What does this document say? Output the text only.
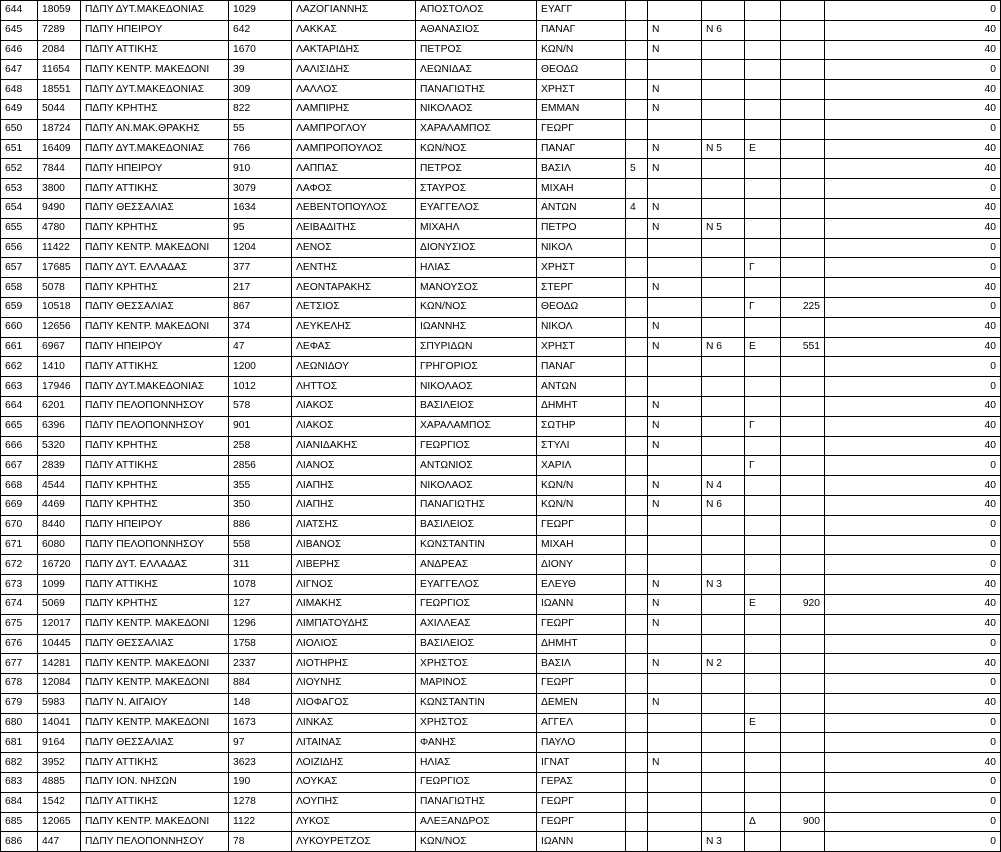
644	18059	ΠΔΠΥ ΔΥΤ.ΜΑΚΕΔΟΝΙΑΣ	1029	ΛΑΖΟΓΙΑΝΝΗΣ	ΑΠΟΣΤΟΛΟΣ	ΕΥΑΓΓ						0
645	7289	ΠΔΠΥ ΗΠΕΙΡΟΥ	642	ΛΑΚΚΑΣ	ΑΘΑΝΑΣΙΟΣ	ΠΑΝΑΓ		Ν	Ν 6			40
646	2084	ΠΔΠΥ ΑΤΤΙΚΗΣ	1670	ΛΑΚΤΑΡΙΔΗΣ	ΠΕΤΡΟΣ	ΚΩΝ/Ν		Ν				40
647	11654	ΠΔΠΥ ΚΕΝΤΡ. ΜΑΚΕΔΟΝΙ	39	ΛΑΛΙΣΙΔΗΣ	ΛΕΩΝΙΔΑΣ	ΘΕΟΔΩ						0
648	18551	ΠΔΠΥ ΔΥΤ.ΜΑΚΕΔΟΝΙΑΣ	309	ΛΑΛΛΟΣ	ΠΑΝΑΓΙΩΤΗΣ	ΧΡΗΣΤ		Ν				40
649	5044	ΠΔΠΥ ΚΡΗΤΗΣ	822	ΛΑΜΠΙΡΗΣ	ΝΙΚΟΛΑΟΣ	ΕΜΜΑΝ		Ν				40
650	18724	ΠΔΠΥ ΑΝ.ΜΑΚ.ΘΡΑΚΗΣ	55	ΛΑΜΠΡΟΓΛΟΥ	ΧΑΡΑΛΑΜΠΟΣ	ΓΕΩΡΓ						0
651	16409	ΠΔΠΥ ΔΥΤ.ΜΑΚΕΔΟΝΙΑΣ	766	ΛΑΜΠΡΟΠΟΥΛΟΣ	ΚΩΝ/ΝΟΣ	ΠΑΝΑΓ		Ν	Ν 5	Ε		40
652	7844	ΠΔΠΥ ΗΠΕΙΡΟΥ	910	ΛΑΠΠΑΣ	ΠΕΤΡΟΣ	ΒΑΣΙΛ	5	Ν				40
653	3800	ΠΔΠΥ ΑΤΤΙΚΗΣ	3079	ΛΑΦΟΣ	ΣΤΑΥΡΟΣ	ΜΙΧΑΗ						0
654	9490	ΠΔΠΥ ΘΕΣΣΑΛΙΑΣ	1634	ΛΕΒΕΝΤΟΠΟΥΛΟΣ	ΕΥΑΓΓΕΛΟΣ	ΑΝΤΩΝ	4	Ν				40
655	4780	ΠΔΠΥ ΚΡΗΤΗΣ	95	ΛΕΙΒΑΔΙΤΗΣ	ΜΙΧΑΗΛ	ΠΕΤΡΟ		Ν	Ν 5			40
656	11422	ΠΔΠΥ ΚΕΝΤΡ. ΜΑΚΕΔΟΝΙ	1204	ΛΕΝΟΣ	ΔΙΟΝΥΣΙΟΣ	ΝΙΚΟΛ						0
657	17685	ΠΔΠΥ ΔΥΤ. ΕΛΛΑΔΑΣ	377	ΛΕΝΤΗΣ	ΗΛΙΑΣ	ΧΡΗΣΤ				Γ		0
658	5078	ΠΔΠΥ ΚΡΗΤΗΣ	217	ΛΕΟΝΤΑΡΑΚΗΣ	ΜΑΝΟΥΣΟΣ	ΣΤΕΡΓ		Ν				40
659	10518	ΠΔΠΥ ΘΕΣΣΑΛΙΑΣ	867	ΛΕΤΣΙΟΣ	ΚΩΝ/ΝΟΣ	ΘΕΟΔΩ				Γ	225	0
660	12656	ΠΔΠΥ ΚΕΝΤΡ. ΜΑΚΕΔΟΝΙ	374	ΛΕΥΚΕΛΗΣ	ΙΩΑΝΝΗΣ	ΝΙΚΟΛ		Ν				40
661	6967	ΠΔΠΥ ΗΠΕΙΡΟΥ	47	ΛΕΦΑΣ	ΣΠΥΡΙΔΩΝ	ΧΡΗΣΤ		Ν	Ν 6	Ε	551	40
662	1410	ΠΔΠΥ ΑΤΤΙΚΗΣ	1200	ΛΕΩΝΙΔΟΥ	ΓΡΗΓΟΡΙΟΣ	ΠΑΝΑΓ						0
663	17946	ΠΔΠΥ ΔΥΤ.ΜΑΚΕΔΟΝΙΑΣ	1012	ΛΗΤΤΟΣ	ΝΙΚΟΛΑΟΣ	ΑΝΤΩΝ						0
664	6201	ΠΔΠΥ ΠΕΛΟΠΟΝΝΗΣΟΥ	578	ΛΙΑΚΟΣ	ΒΑΣΙΛΕΙΟΣ	ΔΗΜΗΤ		Ν				40
665	6396	ΠΔΠΥ ΠΕΛΟΠΟΝΝΗΣΟΥ	901	ΛΙΑΚΟΣ	ΧΑΡΑΛΑΜΠΟΣ	ΣΩΤΗΡ		Ν		Γ		40
666	5320	ΠΔΠΥ ΚΡΗΤΗΣ	258	ΛΙΑΝΙΔΑΚΗΣ	ΓΕΩΡΓΙΟΣ	ΣΤΥΛΙ		Ν				40
667	2839	ΠΔΠΥ ΑΤΤΙΚΗΣ	2856	ΛΙΑΝΟΣ	ΑΝΤΩΝΙΟΣ	ΧΑΡΙΛ				Γ		0
668	4544	ΠΔΠΥ ΚΡΗΤΗΣ	355	ΛΙΑΠΗΣ	ΝΙΚΟΛΑΟΣ	ΚΩΝ/Ν		Ν	Ν 4			40
669	4469	ΠΔΠΥ ΚΡΗΤΗΣ	350	ΛΙΑΠΗΣ	ΠΑΝΑΓΙΩΤΗΣ	ΚΩΝ/Ν		Ν	Ν 6			40
670	8440	ΠΔΠΥ ΗΠΕΙΡΟΥ	886	ΛΙΑΤΣΗΣ	ΒΑΣΙΛΕΙΟΣ	ΓΕΩΡΓ						0
671	6080	ΠΔΠΥ ΠΕΛΟΠΟΝΝΗΣΟΥ	558	ΛΙΒΑΝΟΣ	ΚΩΝΣΤΑΝΤΙΝ	ΜΙΧΑΗ						0
672	16720	ΠΔΠΥ ΔΥΤ. ΕΛΛΑΔΑΣ	311	ΛΙΒΕΡΗΣ	ΑΝΔΡΕΑΣ	ΔΙΟΝΥ						0
673	1099	ΠΔΠΥ ΑΤΤΙΚΗΣ	1078	ΛΙΓΝΟΣ	ΕΥΑΓΓΕΛΟΣ	ΕΛΕΥΘ		Ν	Ν 3			40
674	5069	ΠΔΠΥ ΚΡΗΤΗΣ	127	ΛΙΜΑΚΗΣ	ΓΕΩΡΓΙΟΣ	ΙΩΑΝΝ		Ν		Ε	920	40
675	12017	ΠΔΠΥ ΚΕΝΤΡ. ΜΑΚΕΔΟΝΙ	1296	ΛΙΜΠΑΤΟΥΔΗΣ	ΑΧΙΛΛΕΑΣ	ΓΕΩΡΓ		Ν				40
676	10445	ΠΔΠΥ ΘΕΣΣΑΛΙΑΣ	1758	ΛΙΟΛΙΟΣ	ΒΑΣΙΛΕΙΟΣ	ΔΗΜΗΤ						0
677	14281	ΠΔΠΥ ΚΕΝΤΡ. ΜΑΚΕΔΟΝΙ	2337	ΛΙΟΤΗΡΗΣ	ΧΡΗΣΤΟΣ	ΒΑΣΙΛ		Ν	Ν 2			40
678	12084	ΠΔΠΥ ΚΕΝΤΡ. ΜΑΚΕΔΟΝΙ	884	ΛΙΟΥΝΗΣ	ΜΑΡΙΝΟΣ	ΓΕΩΡΓ						0
679	5983	ΠΔΠΥ Ν. ΑΙΓΑΙΟΥ	148	ΛΙΟΦΑΓΟΣ	ΚΩΝΣΤΑΝΤΙΝ	ΔΕΜΕΝ		Ν				40
680	14041	ΠΔΠΥ ΚΕΝΤΡ. ΜΑΚΕΔΟΝΙ	1673	ΛΙΝΚΑΣ	ΧΡΗΣΤΟΣ	ΑΓΓΕΛ				Ε		0
681	9164	ΠΔΠΥ ΘΕΣΣΑΛΙΑΣ	97	ΛΙΤΑΙΝΑΣ	ΦΑΝΗΣ	ΠΑΥΛΟ						0
682	3952	ΠΔΠΥ ΑΤΤΙΚΗΣ	3623	ΛΟΙΖΙΔΗΣ	ΗΛΙΑΣ	ΙΓΝΑΤ		Ν				40
683	4885	ΠΔΠΥ ΙΟΝ. ΝΗΣΩΝ	190	ΛΟΥΚΑΣ	ΓΕΩΡΓΙΟΣ	ΓΕΡΑΣ						0
684	1542	ΠΔΠΥ ΑΤΤΙΚΗΣ	1278	ΛΟΥΠΗΣ	ΠΑΝΑΓΙΩΤΗΣ	ΓΕΩΡΓ						0
685	12065	ΠΔΠΥ ΚΕΝΤΡ. ΜΑΚΕΔΟΝΙ	1122	ΛΥΚΟΣ	ΑΛΕΞΑΝΔΡΟΣ	ΓΕΩΡΓ				Δ	900	0
686	447	ΠΔΠΥ ΠΕΛΟΠΟΝΝΗΣΟΥ	78	ΛΥΚΟΥΡΕΤΖΟΣ	ΚΩΝ/ΝΟΣ	ΙΩΑΝΝ			Ν 3			0
